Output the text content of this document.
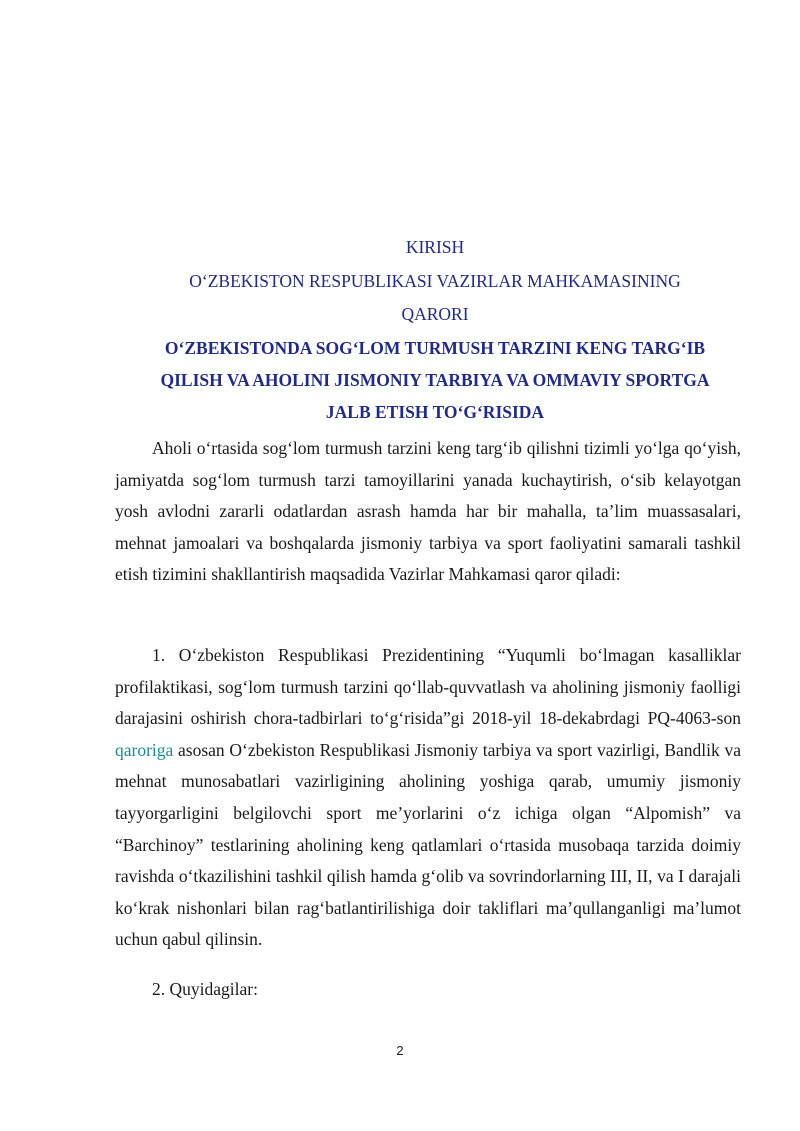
KIRISH
O‘ZBEKISTON RESPUBLIKASI VAZIRLAR MAHKAMASINING
QARORI
O‘ZBEKISTONDA SOG‘LOM TURMUSH TARZINI KENG TARG‘IB
QILISH VA AHOLINI JISMONIY TARBIYA VA OMMAVIY SPORTGA
JALB ETISH TO‘G‘RISIDA

Aholi o‘rtasida sog‘lom turmush tarzini keng targ‘ib qilishni tizimli yo‘lga qo‘yish, jamiyatda sog‘lom turmush tarzi tamoyillarini yanada kuchaytirish, o‘sib kelayotgan yosh avlodni zararli odatlardan asrash hamda har bir mahalla, ta’lim muassasalari, mehnat jamoalari va boshqalarda jismoniy tarbiya va sport faoliyatini samarali tashkil etish tizimini shakllantirish maqsadida Vazirlar Mahkamasi qaror qiladi:

1. O‘zbekiston Respublikasi Prezidentining “Yuqumli bo‘lmagan kasalliklar profilaktikasi, sog‘lom turmush tarzini qo‘llab-quvvatlash va aholining jismoniy faolligi darajasini oshirish chora-tadbirlari to‘g‘risida”gi 2018-yil 18-dekabrdagi PQ-4063-son qaroriga asosan O‘zbekiston Respublikasi Jismoniy tarbiya va sport vazirligi, Bandlik va mehnat munosabatlari vazirligining aholining yoshiga qarab, umumiy jismoniy tayyorgarligini belgilovchi sport me’yorlarini o‘z ichiga olgan “Alpomish” va “Barchinoy” testlarining aholining keng qatlamlari o‘rtasida musobaqa tarzida doimiy ravishda o‘tkazilishini tashkil qilish hamda g‘olib va sovrindorlarning III, II, va I darajali ko‘krak nishonlari bilan rag‘batlantirilishiga doir takliflari ma’qullanganligi ma’lumot uchun qabul qilinsin.

2. Quyidagilar:

2
